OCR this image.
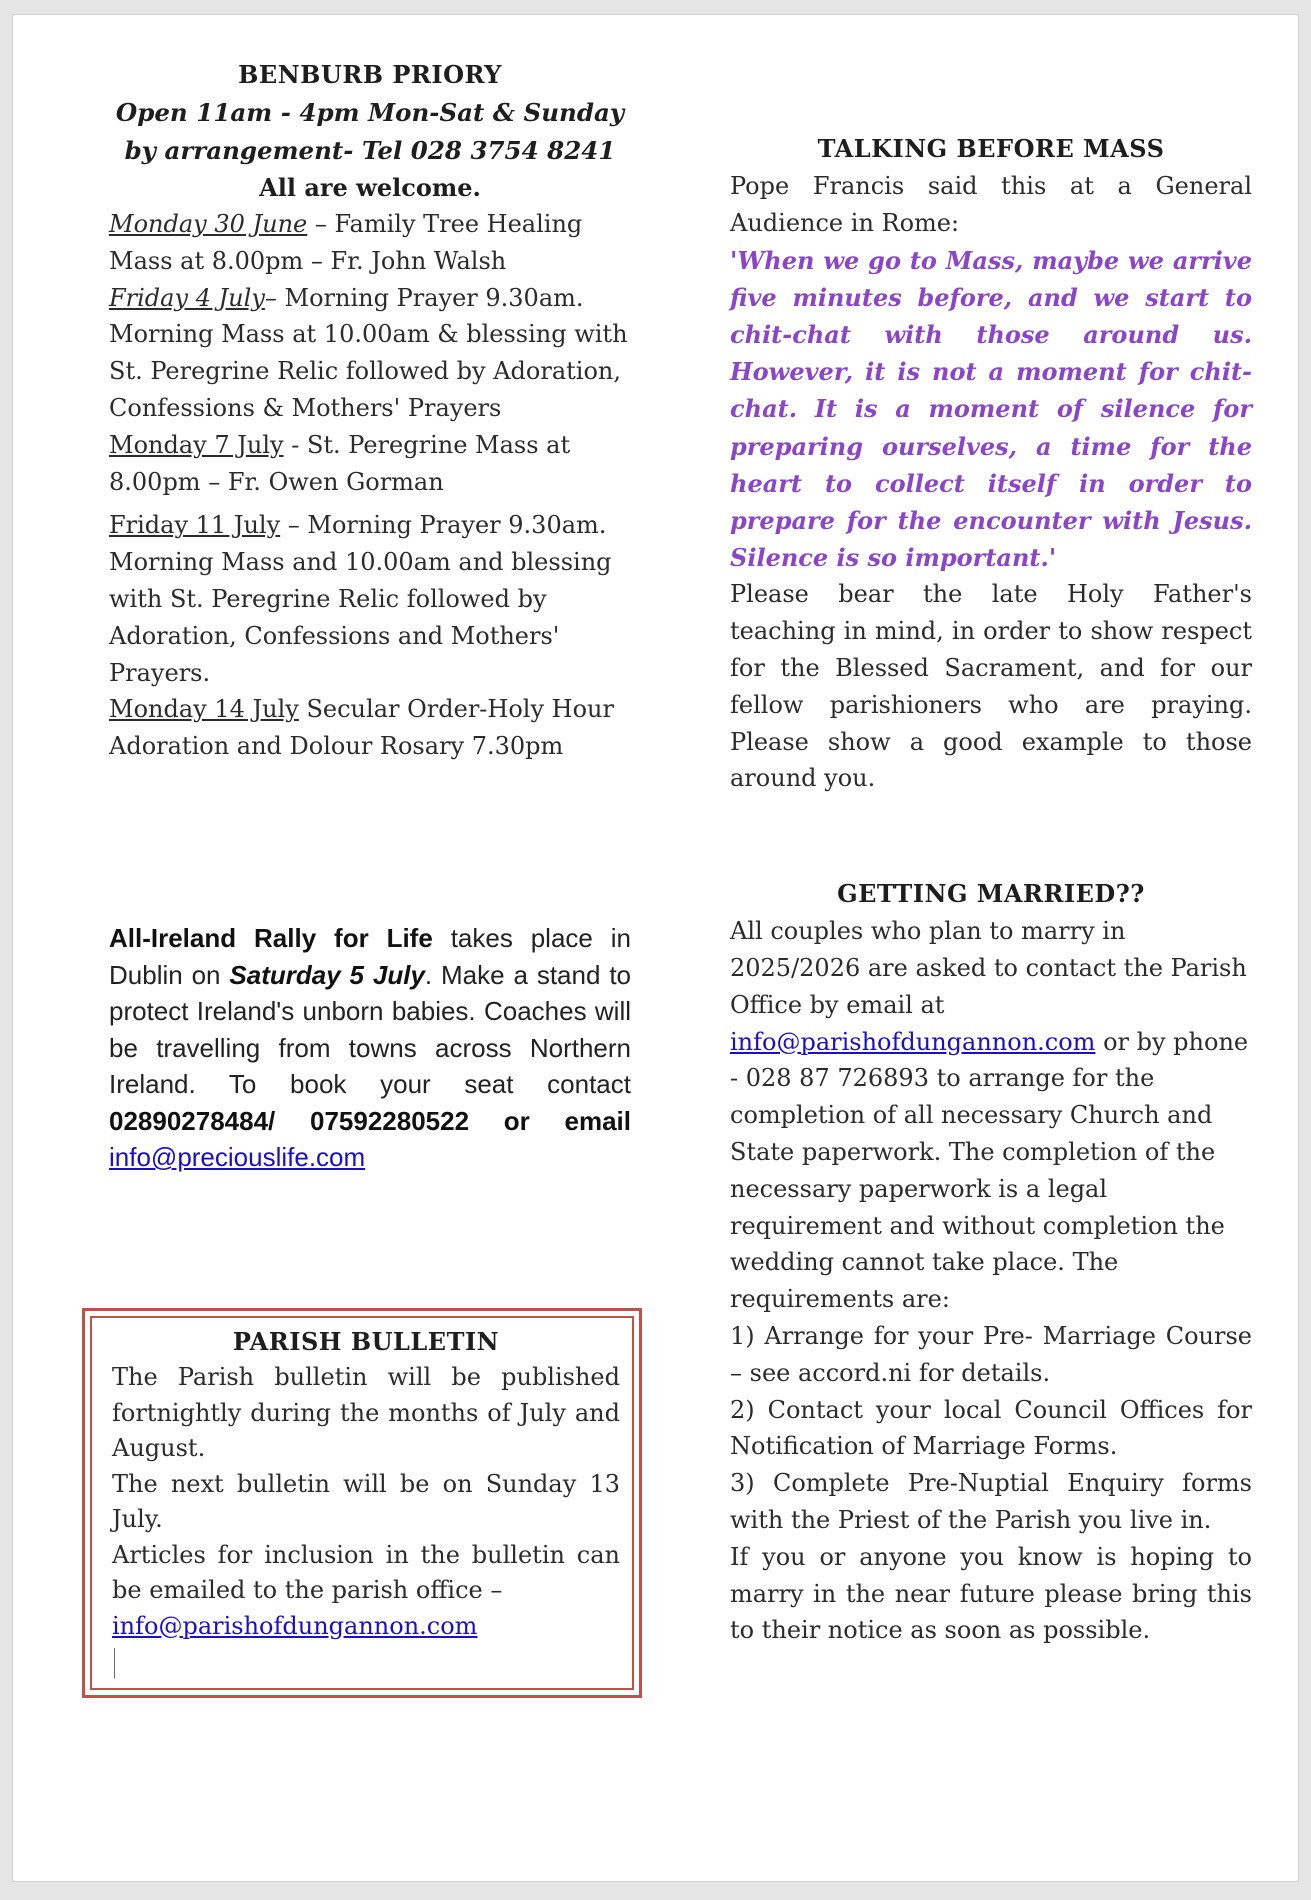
BENBURB PRIORY
Open 11am - 4pm Mon-Sat & Sunday
by arrangement- Tel 028 3754 8241
All are welcome.
Monday 30 June – Family Tree Healing Mass at 8.00pm – Fr. John Walsh
Friday 4 July– Morning Prayer 9.30am. Morning Mass at 10.00am & blessing with St. Peregrine Relic followed by Adoration, Confessions & Mothers' Prayers
Monday 7 July - St. Peregrine Mass at 8.00pm – Fr. Owen Gorman
Friday 11 July – Morning Prayer 9.30am. Morning Mass and 10.00am and blessing with St. Peregrine Relic followed by Adoration, Confessions and Mothers' Prayers.
Monday 14 July Secular Order-Holy Hour Adoration and Dolour Rosary 7.30pm
All-Ireland Rally for Life takes place in Dublin on Saturday 5 July. Make a stand to protect Ireland's unborn babies. Coaches will be travelling from towns across Northern Ireland. To book your seat contact 02890278484/ 07592280522 or email info@preciouslife.com
PARISH BULLETIN
The Parish bulletin will be published fortnightly during the months of July and August.
The next bulletin will be on Sunday 13 July.
Articles for inclusion in the bulletin can be emailed to the parish office –
info@parishofdungannon.com
TALKING BEFORE MASS
Pope Francis said this at a General Audience in Rome:
'When we go to Mass, maybe we arrive five minutes before, and we start to chit-chat with those around us. However, it is not a moment for chit-chat. It is a moment of silence for preparing ourselves, a time for the heart to collect itself in order to prepare for the encounter with Jesus. Silence is so important.'
Please bear the late Holy Father's teaching in mind, in order to show respect for the Blessed Sacrament, and for our fellow parishioners who are praying. Please show a good example to those around you.
GETTING MARRIED??
All couples who plan to marry in 2025/2026 are asked to contact the Parish Office by email at
info@parishofdungannon.com or by phone - 028 87 726893 to arrange for the completion of all necessary Church and State paperwork. The completion of the necessary paperwork is a legal requirement and without completion the wedding cannot take place. The requirements are:
1) Arrange for your Pre- Marriage Course – see accord.ni for details.
2) Contact your local Council Offices for Notification of Marriage Forms.
3) Complete Pre-Nuptial Enquiry forms with the Priest of the Parish you live in.
If you or anyone you know is hoping to marry in the near future please bring this to their notice as soon as possible.
